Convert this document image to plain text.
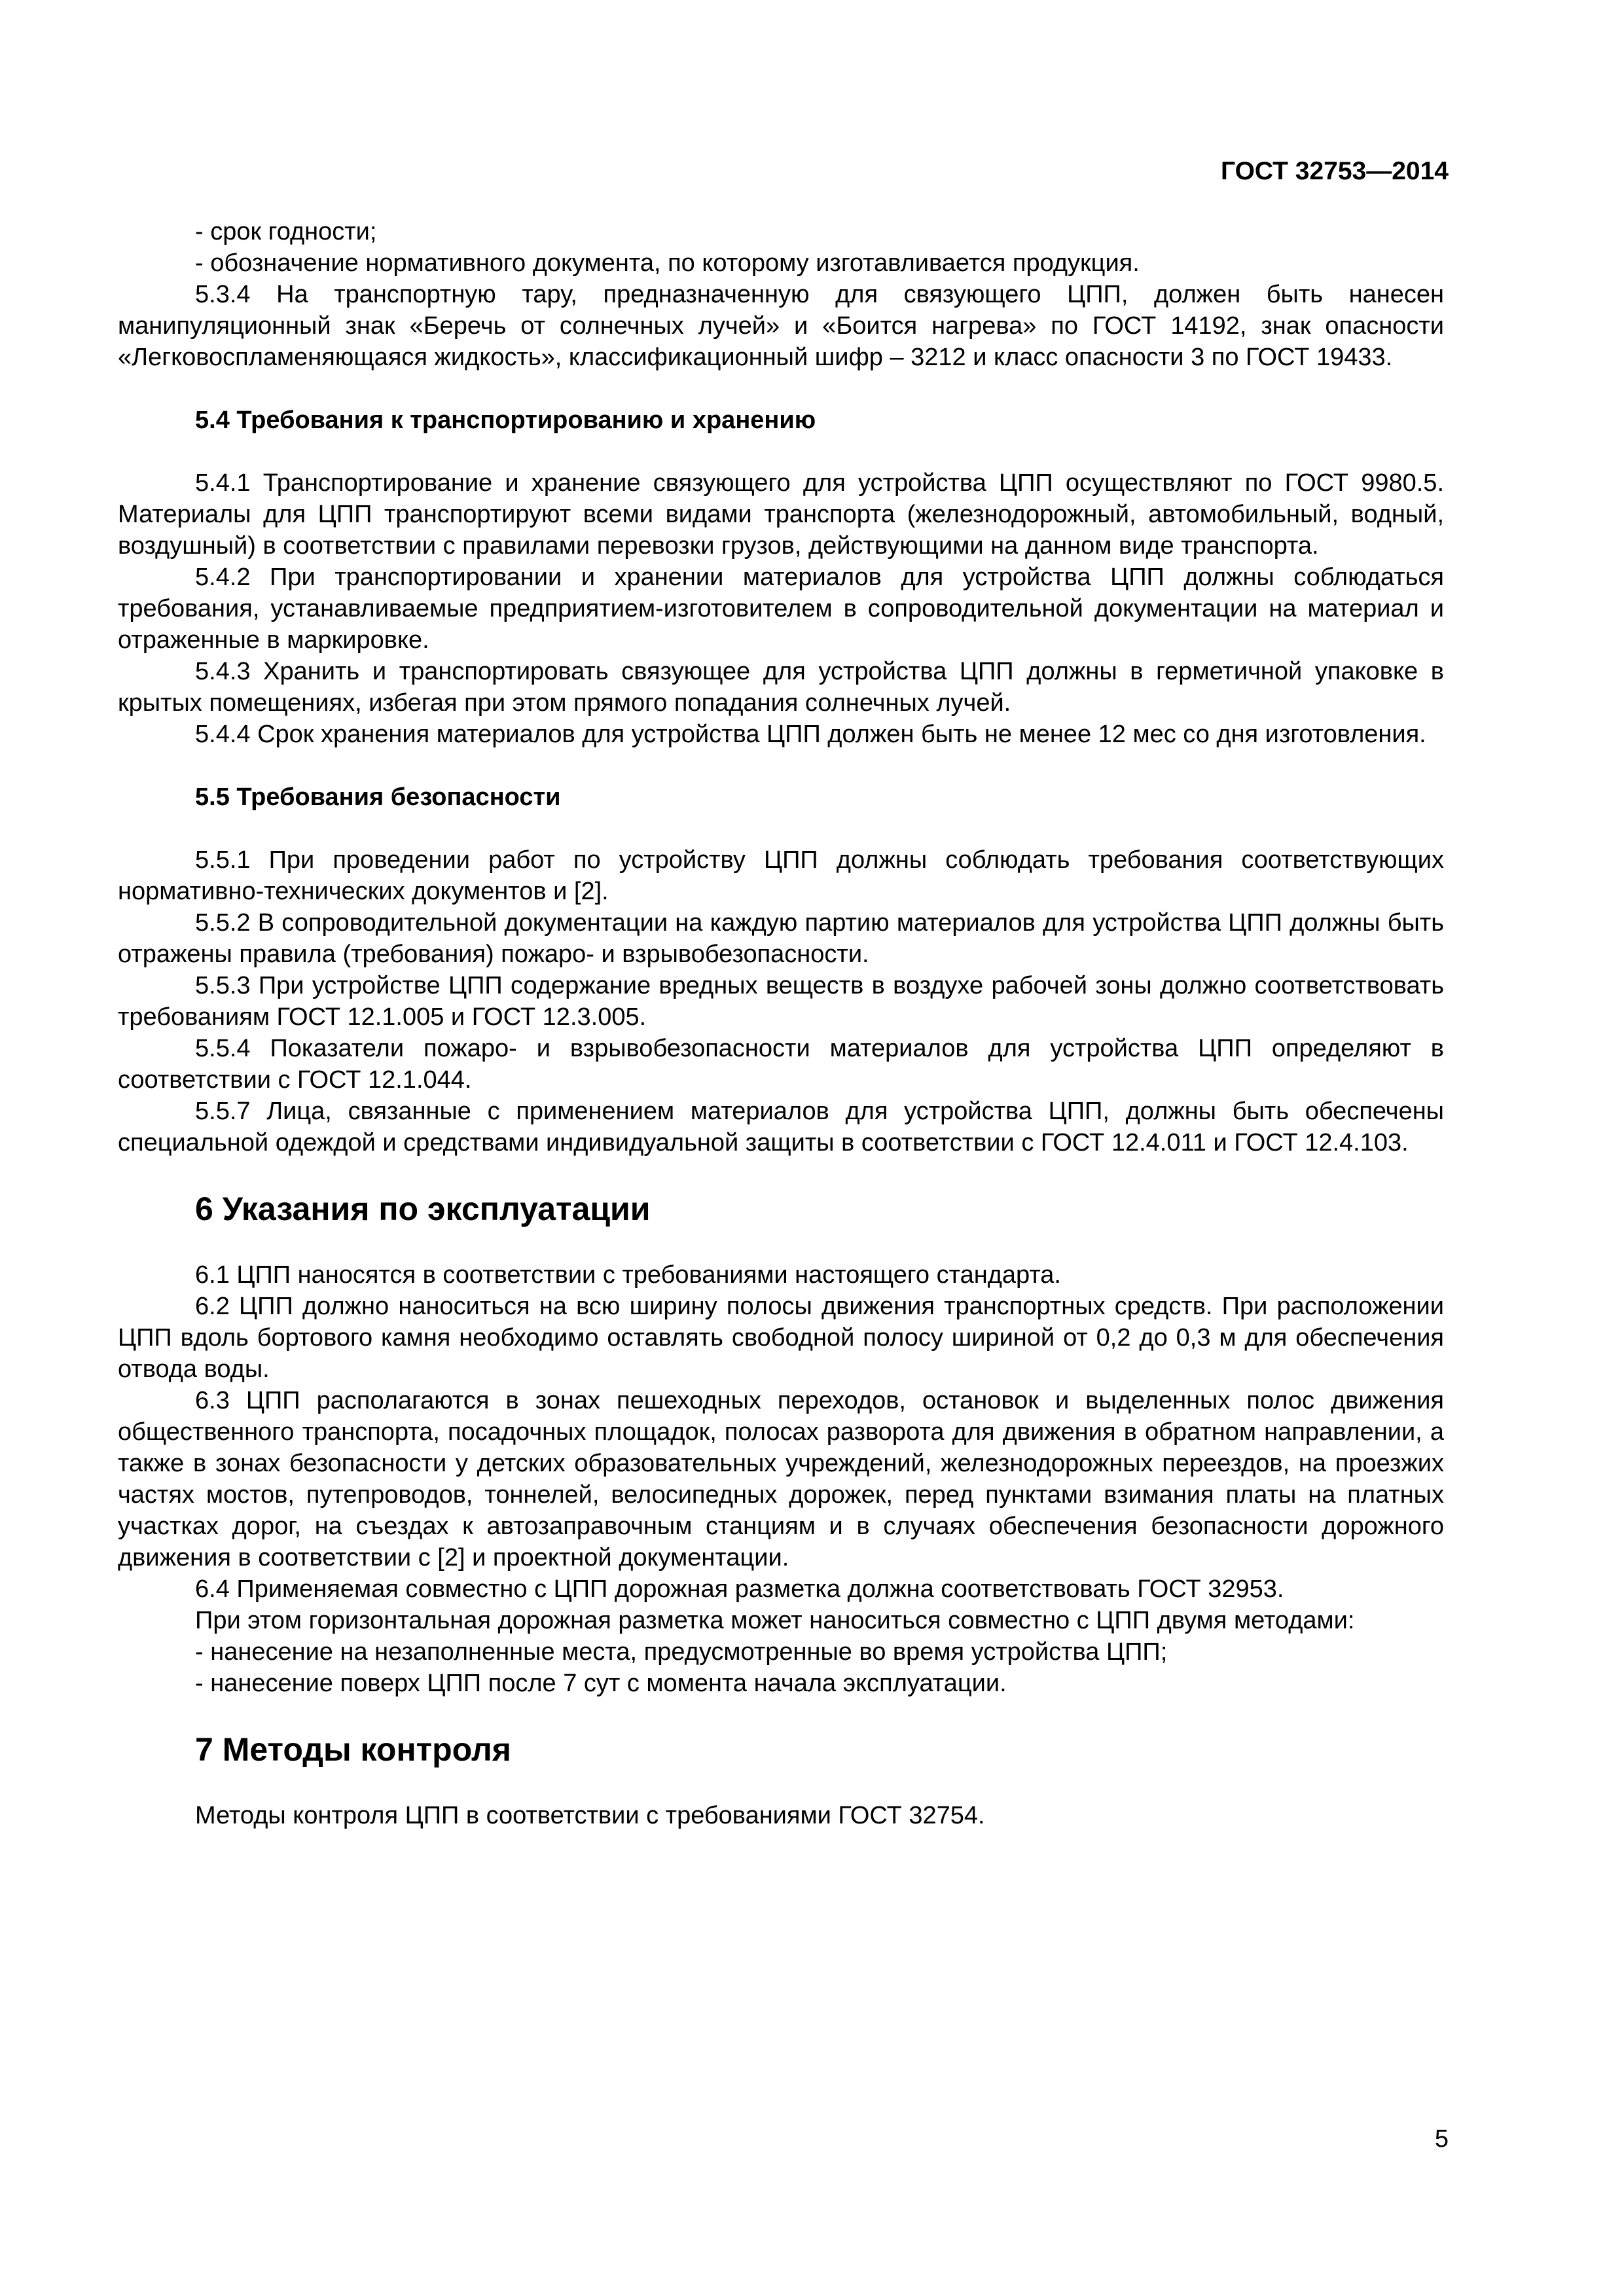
ГОСТ 32753—2014

- срок годности;

- обозначение нормативного документа, по которому изготавливается продукция.

5.3.4 На транспортную тару, предназначенную для связующего ЦПП, должен быть нанесен манипуляционный знак «Беречь от солнечных лучей» и «Боится нагрева» по ГОСТ 14192, знак опасности «Легковоспламеняющаяся жидкость», классификационный шифр – 3212 и класс опасности 3 по ГОСТ 19433.

5.4 Требования к транспортированию и хранению

5.4.1 Транспортирование и хранение связующего для устройства ЦПП осуществляют по ГОСТ 9980.5. Материалы для ЦПП транспортируют всеми видами транспорта (железнодорожный, автомобильный, водный, воздушный) в соответствии с правилами перевозки грузов, действующими на данном виде транспорта.

5.4.2 При транспортировании и хранении материалов для устройства ЦПП должны соблюдаться требования, устанавливаемые предприятием-изготовителем в сопроводительной документации на материал и отраженные в маркировке.

5.4.3 Хранить и транспортировать связующее для устройства ЦПП должны в герметичной упаковке в крытых помещениях, избегая при этом прямого попадания солнечных лучей.

5.4.4 Срок хранения материалов для устройства ЦПП должен быть не менее 12 мес со дня изготовления.

5.5 Требования безопасности

5.5.1 При проведении работ по устройству ЦПП должны соблюдать требования соответствующих нормативно-технических документов и [2].

5.5.2 В сопроводительной документации на каждую партию материалов для устройства ЦПП должны быть отражены правила (требования) пожаро- и взрывобезопасности.

5.5.3 При устройстве ЦПП содержание вредных веществ в воздухе рабочей зоны должно соответствовать требованиям ГОСТ 12.1.005 и ГОСТ 12.3.005.

5.5.4 Показатели пожаро- и взрывобезопасности материалов для устройства ЦПП определяют в соответствии с ГОСТ 12.1.044.

5.5.7 Лица, связанные с применением материалов для устройства ЦПП, должны быть обеспечены специальной одеждой и средствами индивидуальной защиты в соответствии с ГОСТ 12.4.011 и ГОСТ 12.4.103.

6 Указания по эксплуатации

6.1 ЦПП наносятся в соответствии с требованиями настоящего стандарта.

6.2 ЦПП должно наноситься на всю ширину полосы движения транспортных средств. При расположении ЦПП вдоль бортового камня необходимо оставлять свободной полосу шириной от 0,2 до 0,3 м для обеспечения отвода воды.

6.3 ЦПП располагаются в зонах пешеходных переходов, остановок и выделенных полос движения общественного транспорта, посадочных площадок, полосах разворота для движения в обратном направлении, а также в зонах безопасности у детских образовательных учреждений, железнодорожных переездов, на проезжих частях мостов, путепроводов, тоннелей, велосипедных дорожек, перед пунктами взимания платы на платных участках дорог, на съездах к автозаправочным станциям и в случаях обеспечения безопасности дорожного движения в соответствии с [2] и проектной документации.

6.4 Применяемая совместно с ЦПП дорожная разметка должна соответствовать ГОСТ 32953.

При этом горизонтальная дорожная разметка может наноситься совместно с ЦПП двумя методами:

- нанесение на незаполненные места, предусмотренные во время устройства ЦПП;

- нанесение поверх ЦПП после 7 сут с момента начала эксплуатации.

7 Методы контроля

Методы контроля ЦПП в соответствии с требованиями ГОСТ 32754.

5
